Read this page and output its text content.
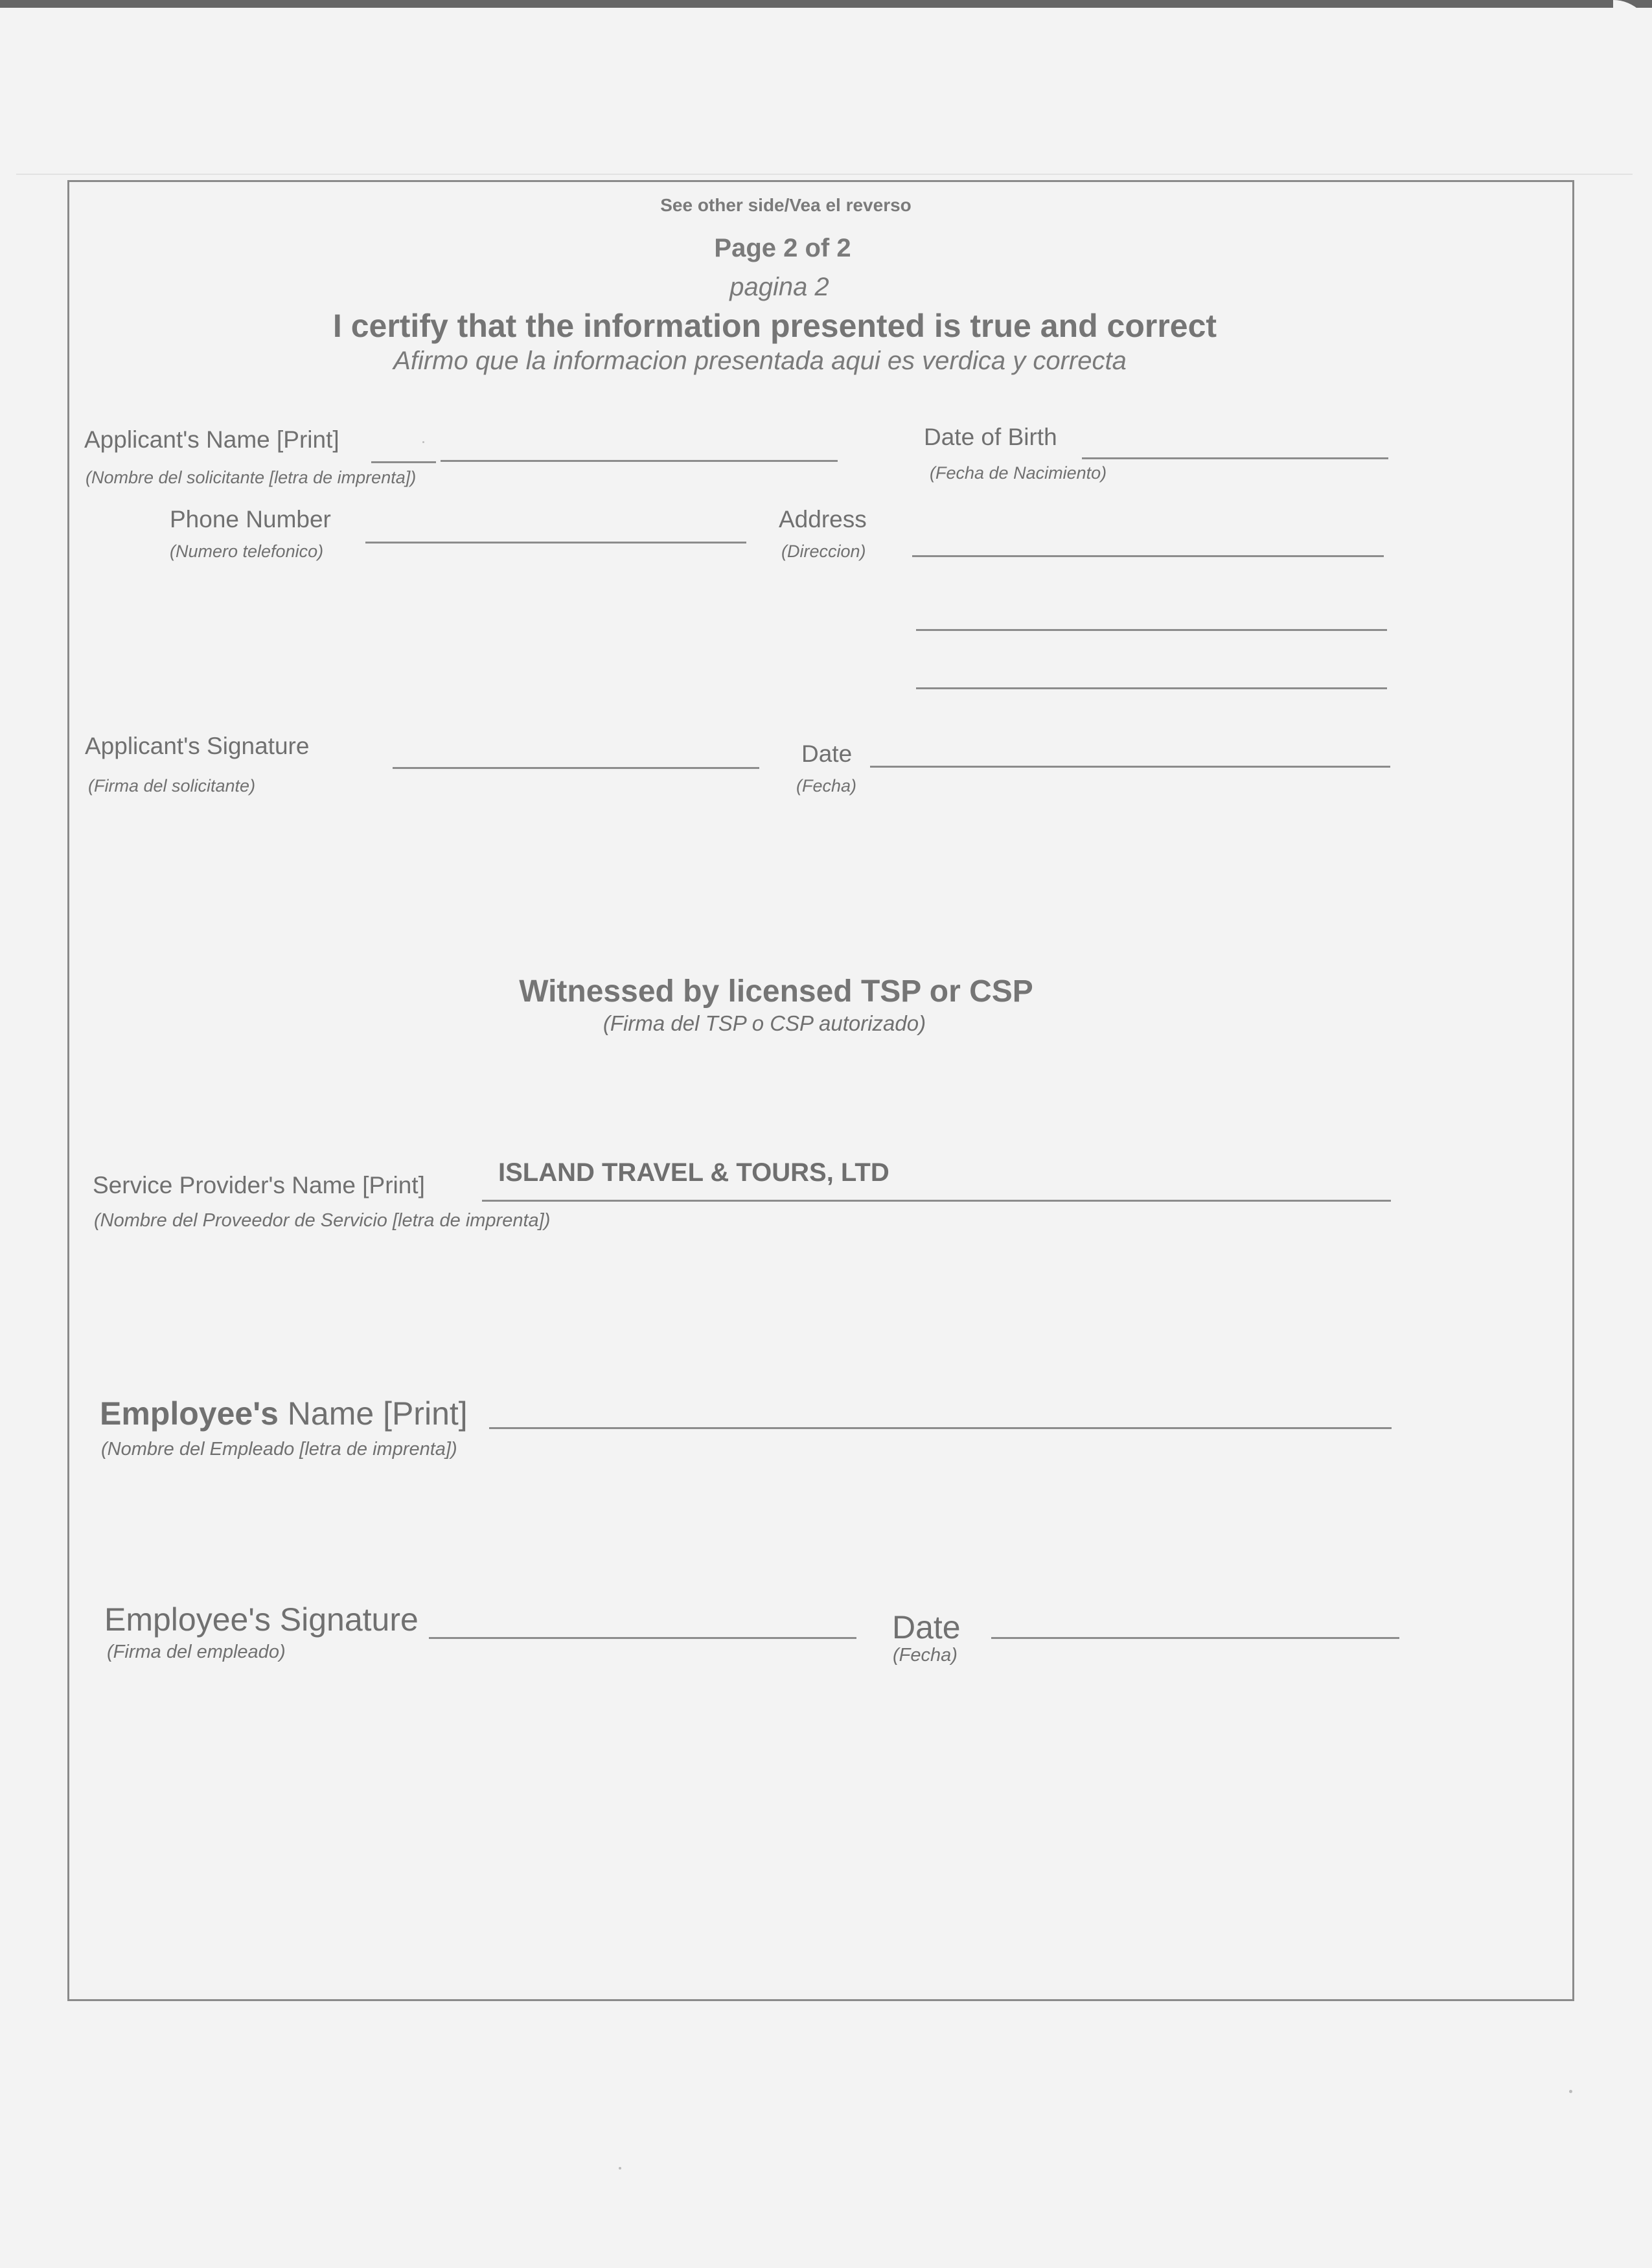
See other side/Vea el reverso
Page 2 of 2
pagina 2
I certify that the information presented is true and correct
Afirmo que la informacion presentada aqui es verdica y correcta
Applicant's Name [Print]
(Nombre del solicitante [letra de imprenta])
Date of Birth
(Fecha de Nacimiento)
Phone Number
(Numero telefonico)
Address
(Direccion)
Applicant's Signature
(Firma del solicitante)
Date
(Fecha)
Witnessed by licensed TSP or CSP
(Firma del TSP o CSP autorizado)
Service Provider's Name [Print]
(Nombre del Proveedor de Servicio [letra de imprenta])
ISLAND TRAVEL & TOURS, LTD
Employee's Name [Print]
(Nombre del Empleado [letra de imprenta])
Employee's Signature
(Firma del empleado)
Date
(Fecha)
